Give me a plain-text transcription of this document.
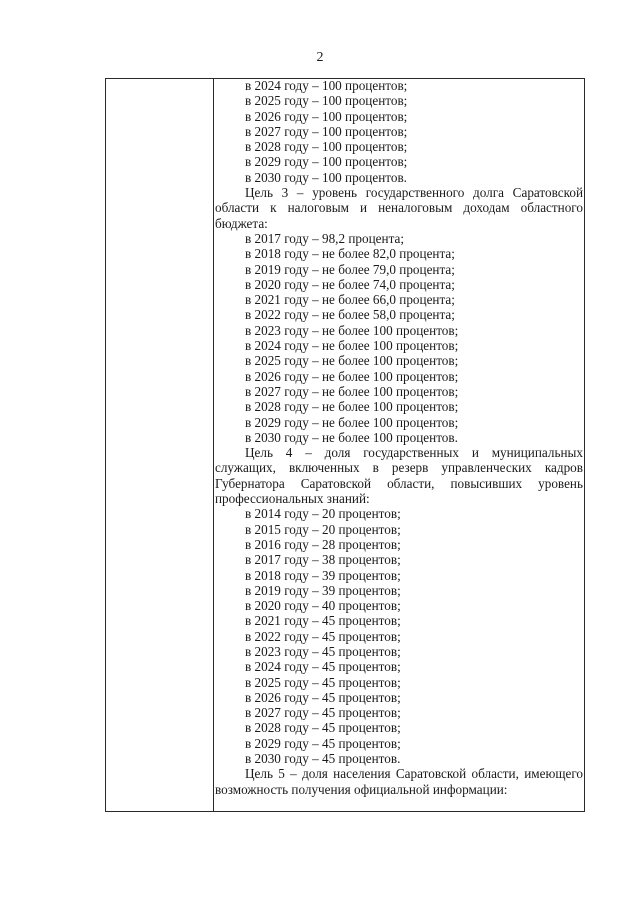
2
в 2024 году – 100 процентов;
в 2025 году – 100 процентов;
в 2026 году – 100 процентов;
в 2027 году – 100 процентов;
в 2028 году – 100 процентов;
в 2029 году – 100 процентов;
в 2030 году – 100 процентов.
Цель 3 – уровень государственного долга Саратовской области к налоговым и неналоговым доходам областного бюджета:
в 2017 году – 98,2 процента;
в 2018 году – не более 82,0 процента;
в 2019 году – не более 79,0 процента;
в 2020 году – не более 74,0 процента;
в 2021 году – не более 66,0 процента;
в 2022 году – не более 58,0 процента;
в 2023 году – не более 100 процентов;
в 2024 году – не более 100 процентов;
в 2025 году – не более 100 процентов;
в 2026 году – не более 100 процентов;
в 2027 году – не более 100 процентов;
в 2028 году – не более 100 процентов;
в 2029 году – не более 100 процентов;
в 2030 году – не более 100 процентов.
Цель 4 – доля государственных и муниципальных служащих, включенных в резерв управленческих кадров Губернатора Саратовской области, повысивших уровень профессиональных знаний:
в 2014 году – 20 процентов;
в 2015 году – 20 процентов;
в 2016 году – 28 процентов;
в 2017 году – 38 процентов;
в 2018 году – 39 процентов;
в 2019 году – 39 процентов;
в 2020 году – 40 процентов;
в 2021 году – 45 процентов;
в 2022 году – 45 процентов;
в 2023 году – 45 процентов;
в 2024 году – 45 процентов;
в 2025 году – 45 процентов;
в 2026 году – 45 процентов;
в 2027 году – 45 процентов;
в 2028 году – 45 процентов;
в 2029 году – 45 процентов;
в 2030 году – 45 процентов.
Цель 5 – доля населения Саратовской области, имеющего возможность получения официальной информации:
